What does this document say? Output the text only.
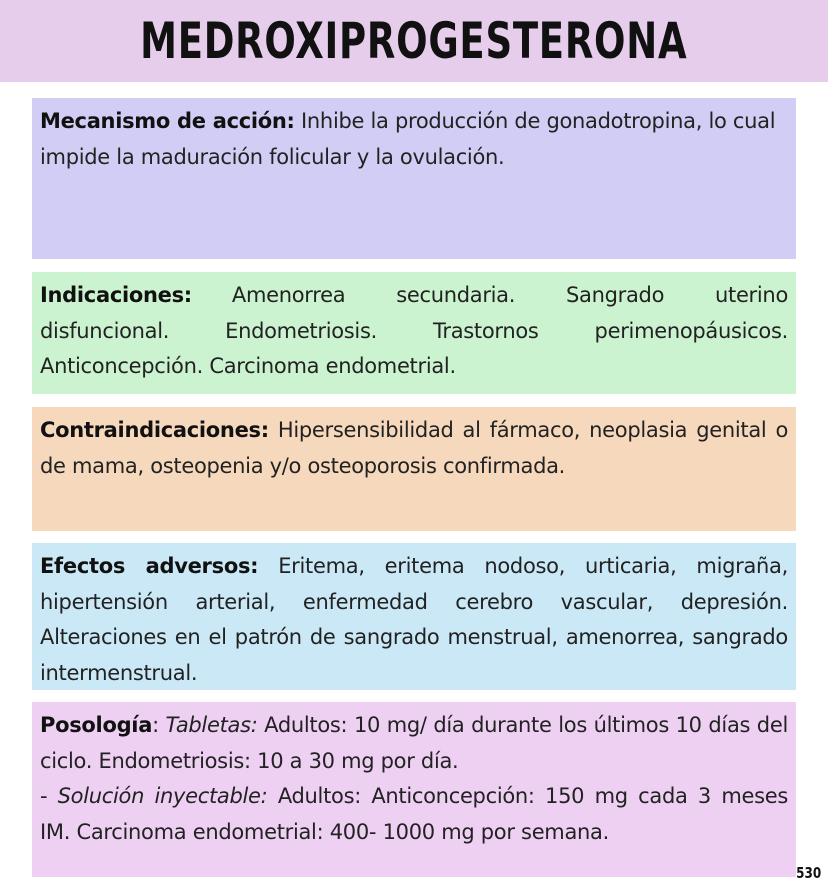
MEDROXIPROGESTERONA
Mecanismo de acción: Inhibe la producción de gonadotropina, lo cual impide la maduración folicular y la ovulación.
Indicaciones: Amenorrea secundaria. Sangrado uterino disfuncional. Endometriosis. Trastornos perimenopáusicos. Anticoncepción. Carcinoma endometrial.
Contraindicaciones: Hipersensibilidad al fármaco, neoplasia genital o de mama, osteopenia y/o osteoporosis confirmada.
Efectos adversos: Eritema, eritema nodoso, urticaria, migraña, hipertensión arterial, enfermedad cerebro vascular, depresión. Alteraciones en el patrón de sangrado menstrual, amenorrea, sangrado intermenstrual.
Posología: Tabletas: Adultos: 10 mg/ día durante los últimos 10 días del ciclo. Endometriosis: 10 a 30 mg por día.
- Solución inyectable: Adultos: Anticoncepción: 150 mg cada 3 meses IM. Carcinoma endometrial: 400- 1000 mg por semana.
530
